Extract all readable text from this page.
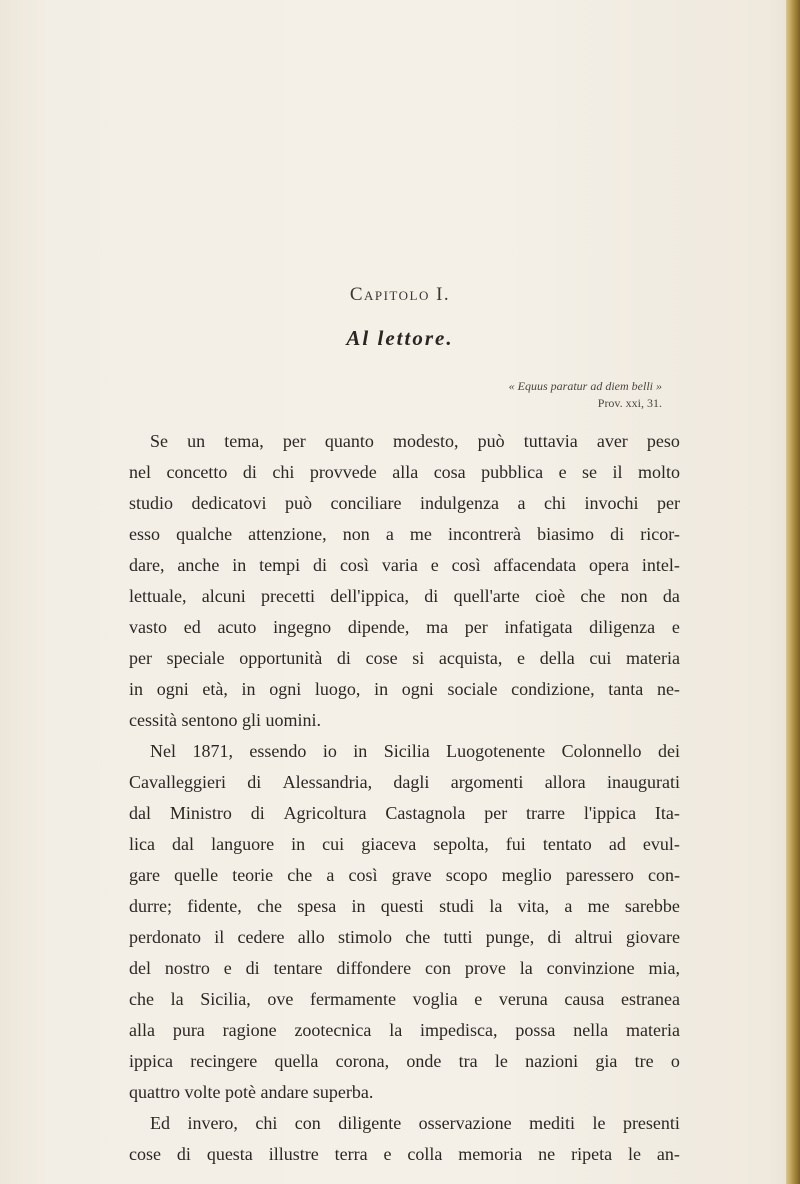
Capitolo I.
Al lettore.
« Equus paratur ad diem belli »
Prov. xxi, 31.
Se un tema, per quanto modesto, può tuttavia aver peso
nel concetto di chi provvede alla cosa pubblica e se il molto
studio dedicatovi può conciliare indulgenza a chi invochi per
esso qualche attenzione, non a me incontrerà biasimo di ricor-
dare, anche in tempi di così varia e così affacendata opera intel-
lettuale, alcuni precetti dell'ippica, di quell'arte cioè che non da
vasto ed acuto ingegno dipende, ma per infatigata diligenza e
per speciale opportunità di cose si acquista, e della cui materia
in ogni età, in ogni luogo, in ogni sociale condizione, tanta ne-
cessità sentono gli uomini.
Nel 1871, essendo io in Sicilia Luogotenente Colonnello dei
Cavalleggieri di Alessandria, dagli argomenti allora inaugurati
dal Ministro di Agricoltura Castagnola per trarre l'ippica Ita-
lica dal languore in cui giaceva sepolta, fui tentato ad evul-
gare quelle teorie che a così grave scopo meglio paressero con-
durre; fidente, che spesa in questi studi la vita, a me sarebbe
perdonato il cedere allo stimolo che tutti punge, di altrui giovare
del nostro e di tentare diffondere con prove la convinzione mia,
che la Sicilia, ove fermamente voglia e veruna causa estranea
alla pura ragione zootecnica la impedisca, possa nella materia
ippica recingere quella corona, onde tra le nazioni gia tre o
quattro volte potè andare superba.
Ed invero, chi con diligente osservazione mediti le presenti
cose di questa illustre terra e colla memoria ne ripeta le an-
